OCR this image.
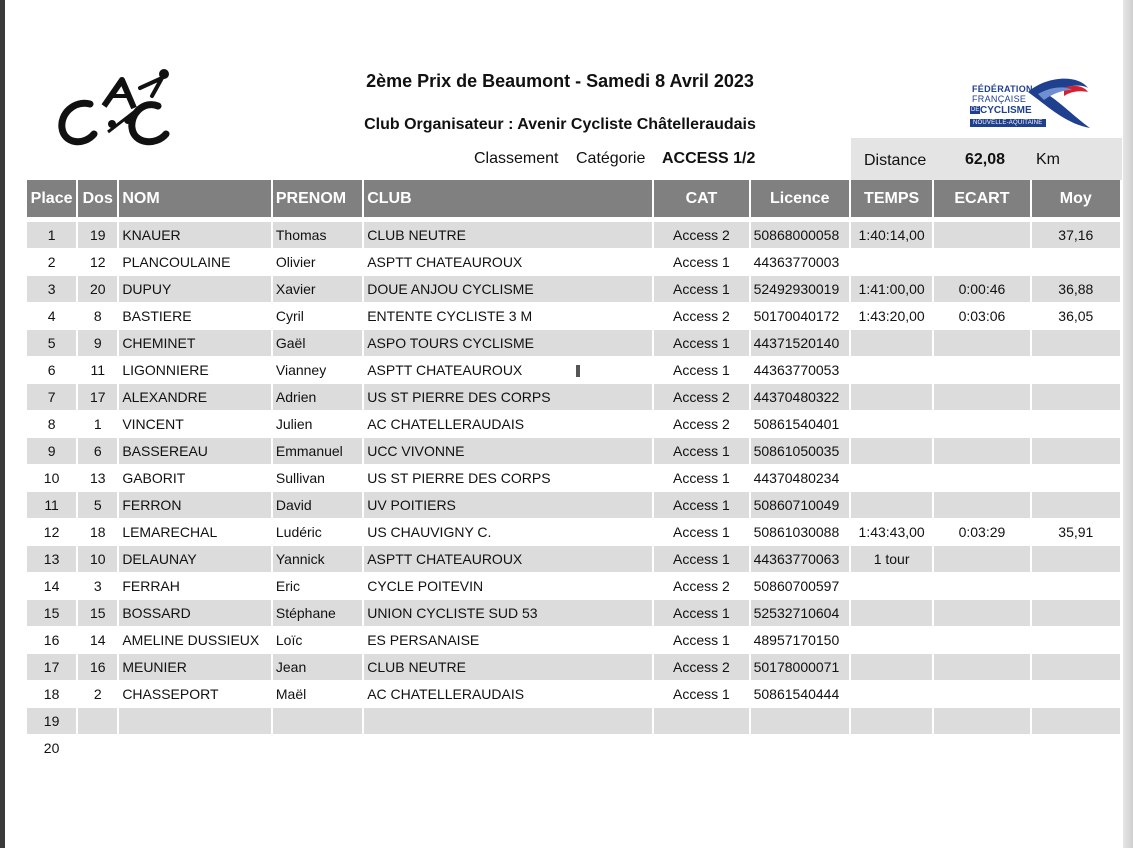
FÉDÉRATION
FRANÇAISE
DE CYCLISME
NOUVELLE-AQUITAINE
2ème Prix de Beaumont - Samedi 8 Avril 2023
Club Organisateur : Avenir Cycliste Châtelleraudais
Classement Catégorie ACCESS 1/2	Distance 62,08 Km
Place	Dos	NOM	PRENOM	CLUB	CAT	Licence	TEMPS	ECART	Moy

1	19	KNAUER	Thomas	CLUB NEUTRE	Access 2	50868000058	1:40:14,00		37,16
2	12	PLANCOULAINE	Olivier	ASPTT CHATEAUROUX	Access 1	44363770003			
3	20	DUPUY	Xavier	DOUE ANJOU CYCLISME	Access 1	52492930019	1:41:00,00	0:00:46	36,88
4	8	BASTIERE	Cyril	ENTENTE CYCLISTE 3 M	Access 2	50170040172	1:43:20,00	0:03:06	36,05
5	9	CHEMINET	Gaël	ASPO TOURS CYCLISME	Access 1	44371520140			
6	11	LIGONNIERE	Vianney	ASPTT CHATEAUROUX	Access 1	44363770053			
7	17	ALEXANDRE	Adrien	US ST PIERRE DES CORPS	Access 2	44370480322			
8	1	VINCENT	Julien	AC CHATELLERAUDAIS	Access 2	50861540401			
9	6	BASSEREAU	Emmanuel	UCC VIVONNE	Access 1	50861050035			
10	13	GABORIT	Sullivan	US ST PIERRE DES CORPS	Access 1	44370480234			
11	5	FERRON	David	UV POITIERS	Access 1	50860710049			
12	18	LEMARECHAL	Ludéric	US CHAUVIGNY C.	Access 1	50861030088	1:43:43,00	0:03:29	35,91
13	10	DELAUNAY	Yannick	ASPTT CHATEAUROUX	Access 1	44363770063	1 tour		
14	3	FERRAH	Eric	CYCLE POITEVIN	Access 2	50860700597			
15	15	BOSSARD	Stéphane	UNION CYCLISTE SUD 53	Access 1	52532710604			
16	14	AMELINE DUSSIEUX	Loïc	ES PERSANAISE	Access 1	48957170150			
17	16	MEUNIER	Jean	CLUB NEUTRE	Access 2	50178000071			
18	2	CHASSEPORT	Maël	AC CHATELLERAUDAIS	Access 1	50861540444			
19									
20									
